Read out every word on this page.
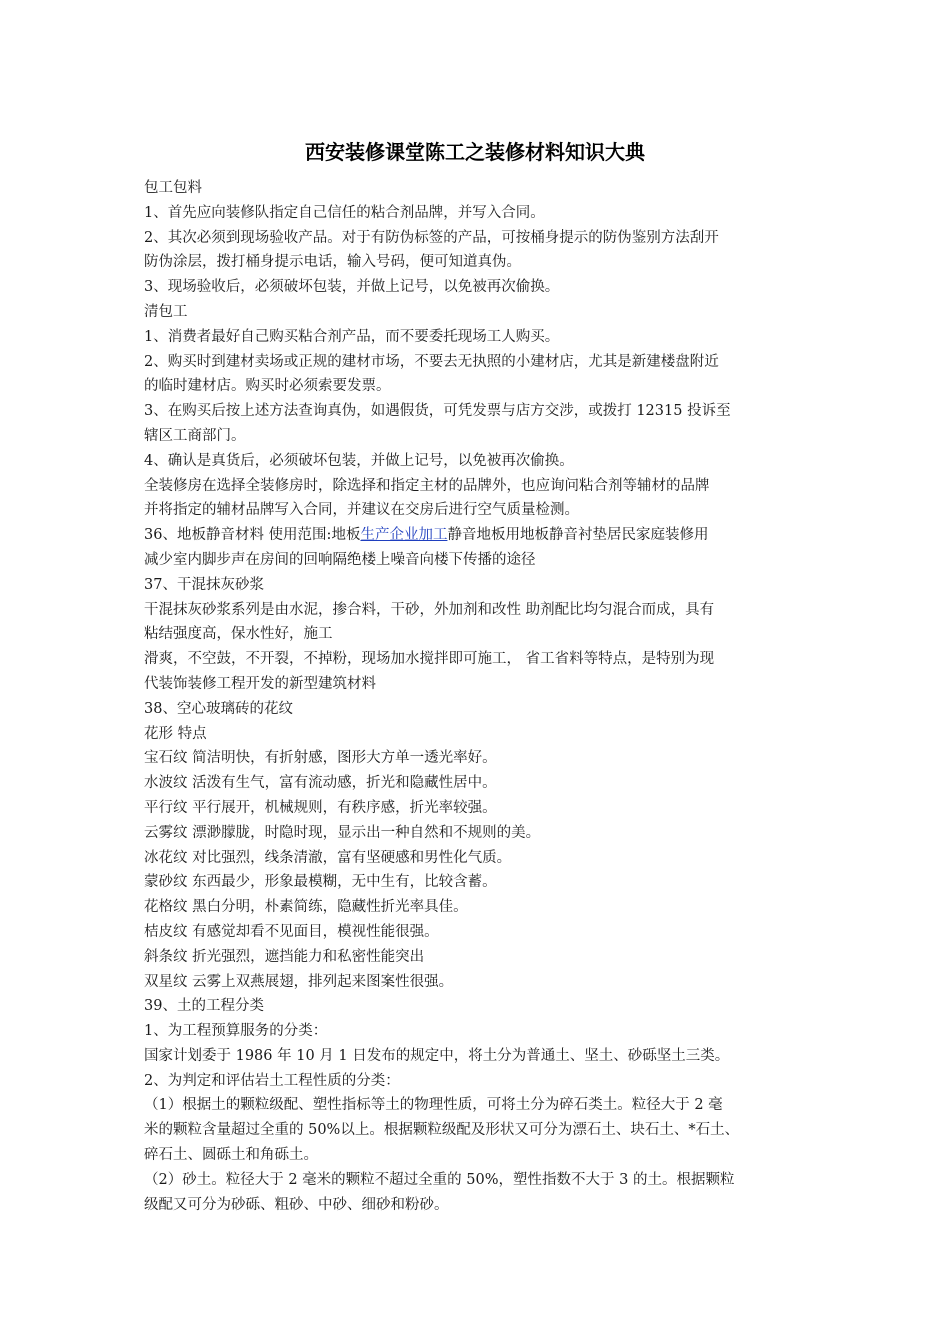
西安装修课堂陈工之装修材料知识大典
包工包料
1、首先应向装修队指定自己信任的粘合剂品牌，并写入合同。
2、其次必须到现场验收产品。对于有防伪标签的产品，可按桶身提示的防伪鉴别方法刮开
防伪涂层，拨打桶身提示电话，输入号码，便可知道真伪。
3、现场验收后，必须破坏包装，并做上记号，以免被再次偷换。
清包工
1、消费者最好自己购买粘合剂产品，而不要委托现场工人购买。
2、购买时到建材卖场或正规的建材市场，不要去无执照的小建材店，尤其是新建楼盘附近
的临时建材店。购买时必须索要发票。
3、在购买后按上述方法查询真伪，如遇假货，可凭发票与店方交涉，或拨打 12315 投诉至
辖区工商部门。
4、确认是真货后，必须破坏包装，并做上记号，以免被再次偷换。
全装修房在选择全装修房时，除选择和指定主材的品牌外，也应询问粘合剂等辅材的品牌
并将指定的辅材品牌写入合同，并建议在交房后进行空气质量检测。
36、地板静音材料 使用范围:地板生产企业加工静音地板用地板静音衬垫居民家庭装修用
减少室内脚步声在房间的回响隔绝楼上噪音向楼下传播的途径
37、干混抹灰砂浆
干混抹灰砂浆系列是由水泥，掺合料，干砂，外加剂和改性 助剂配比均匀混合而成，具有
粘结强度高，保水性好，施工
滑爽，不空鼓，不开裂，不掉粉，现场加水搅拌即可施工， 省工省料等特点，是特别为现
代装饰装修工程开发的新型建筑材料
38、空心玻璃砖的花纹
花形 特点
宝石纹 简洁明快，有折射感，图形大方单一透光率好。
水波纹 活泼有生气，富有流动感，折光和隐藏性居中。
平行纹 平行展开，机械规则，有秩序感，折光率较强。
云雾纹 漂渺朦胧，时隐时现，显示出一种自然和不规则的美。
冰花纹 对比强烈，线条清澈，富有坚硬感和男性化气质。
蒙砂纹 东西最少，形象最模糊，无中生有，比较含蓄。
花格纹 黑白分明，朴素简练，隐藏性折光率具佳。
桔皮纹 有感觉却看不见面目，模视性能很强。
斜条纹 折光强烈，遮挡能力和私密性能突出
双星纹 云雾上双燕展翅，排列起来图案性很强。
39、土的工程分类
1、为工程预算服务的分类：
国家计划委于 1986 年 10 月 1 日发布的规定中，将土分为普通土、坚土、砂砾坚土三类。
2、为判定和评估岩土工程性质的分类：
（1）根据土的颗粒级配、塑性指标等土的物理性质，可将土分为碎石类土。粒径大于 2 毫
米的颗粒含量超过全重的 50%以上。根据颗粒级配及形状又可分为漂石土、块石土、*石土、
碎石土、圆砾土和角砾土。
（2）砂土。粒径大于 2 毫米的颗粒不超过全重的 50%，塑性指数不大于 3 的土。根据颗粒
级配又可分为砂砾、粗砂、中砂、细砂和粉砂。
